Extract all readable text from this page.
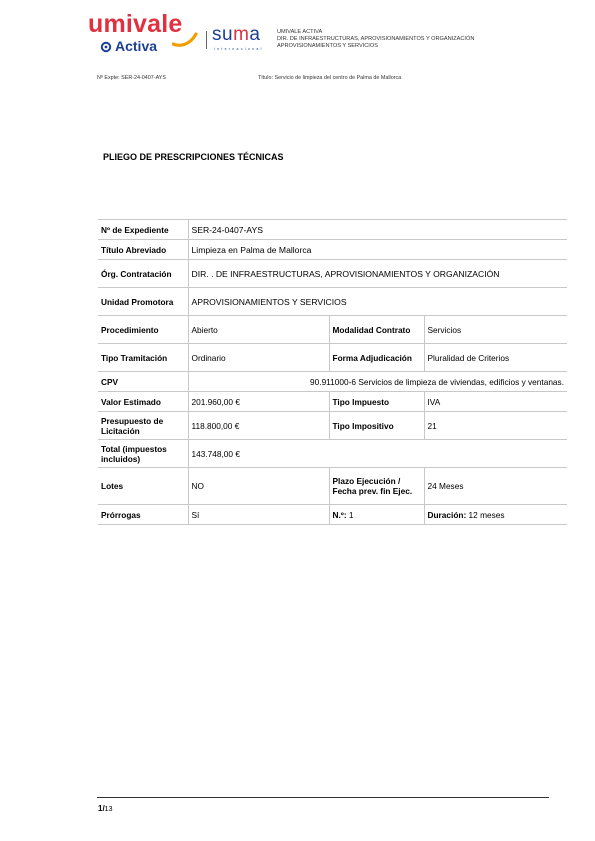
umivale
Activa
suma
internacional
UMIVALE ACTIVA
DIR. DE INFRAESTRUCTURAS, APROVISIONAMIENTOS Y ORGANIZACIÓN
APROVISIONAMIENTOS Y SERVICIOS
Nº Expte: SER-24-0407-AYS	Título: Servicio de limpieza del centro de Palma de Mallorca
PLIEGO DE PRESCRIPCIONES TÉCNICAS
Nº de Expediente	SER-24-0407-AYS		
Título Abreviado	Limpieza en Palma de Mallorca		
Órg. Contratación	DIR. . DE INFRAESTRUCTURAS, APROVISIONAMIENTOS Y ORGANIZACIÓN		
Unidad Promotora	APROVISIONAMIENTOS Y SERVICIOS		
Procedimiento	Abierto	Modalidad Contrato	Servicios
Tipo Tramitación	Ordinario	Forma Adjudicación	Pluralidad de Criterios
CPV	90.911000-6 Servicios de limpieza de viviendas, edificios y ventanas.		
Valor Estimado	201.960,00 €	Tipo Impuesto	IVA
Presupuesto de Licitación	118.800,00 €	Tipo Impositivo	21
Total (impuestos incluidos)	143.748,00 €		
Lotes	NO	Plazo Ejecución / Fecha prev. fin Ejec.	24 Meses
Prórrogas	Sí	N.º: 1	Duración: 12 meses
1/13
